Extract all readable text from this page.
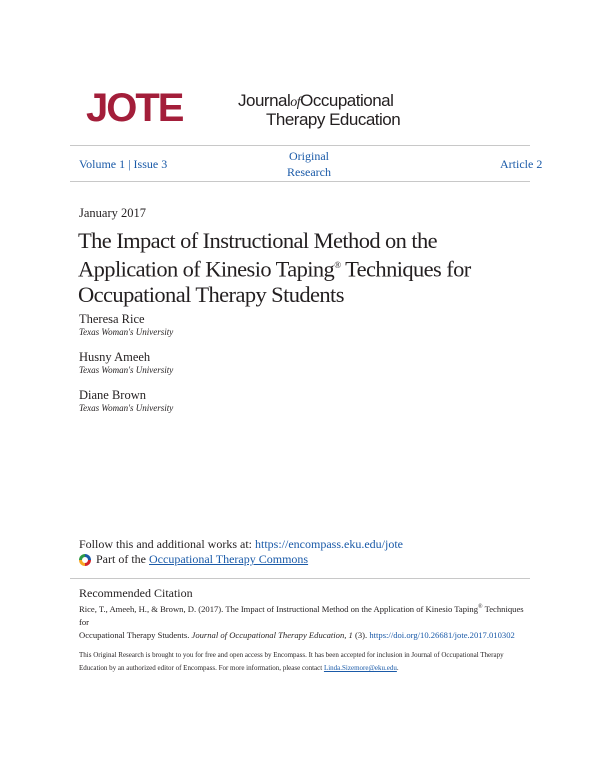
JOTE	JournalofOccupational
Therapy Education
Volume 1 | Issue 3
Original
Research
Article 2
January 2017
The Impact of Instructional Method on the Application of Kinesio Taping® Techniques for Occupational Therapy Students
Theresa Rice
Texas Woman's University
Husny Ameeh
Texas Woman's University
Diane Brown
Texas Woman's University
Follow this and additional works at: https://encompass.eku.edu/jote
Part of the
Occupational Therapy Commons
Recommended Citation
Rice, T., Ameeh, H., & Brown, D. (2017). The Impact of Instructional Method on the Application of Kinesio Taping® Techniques for
Occupational Therapy Students. Journal of Occupational Therapy Education, 1 (3). https://doi.org/10.26681/jote.2017.010302
This Original Research is brought to you for free and open access by Encompass. It has been accepted for inclusion in Journal of Occupational Therapy Education by an authorized editor of Encompass. For more information, please contact Linda.Sizemore@eku.edu.
